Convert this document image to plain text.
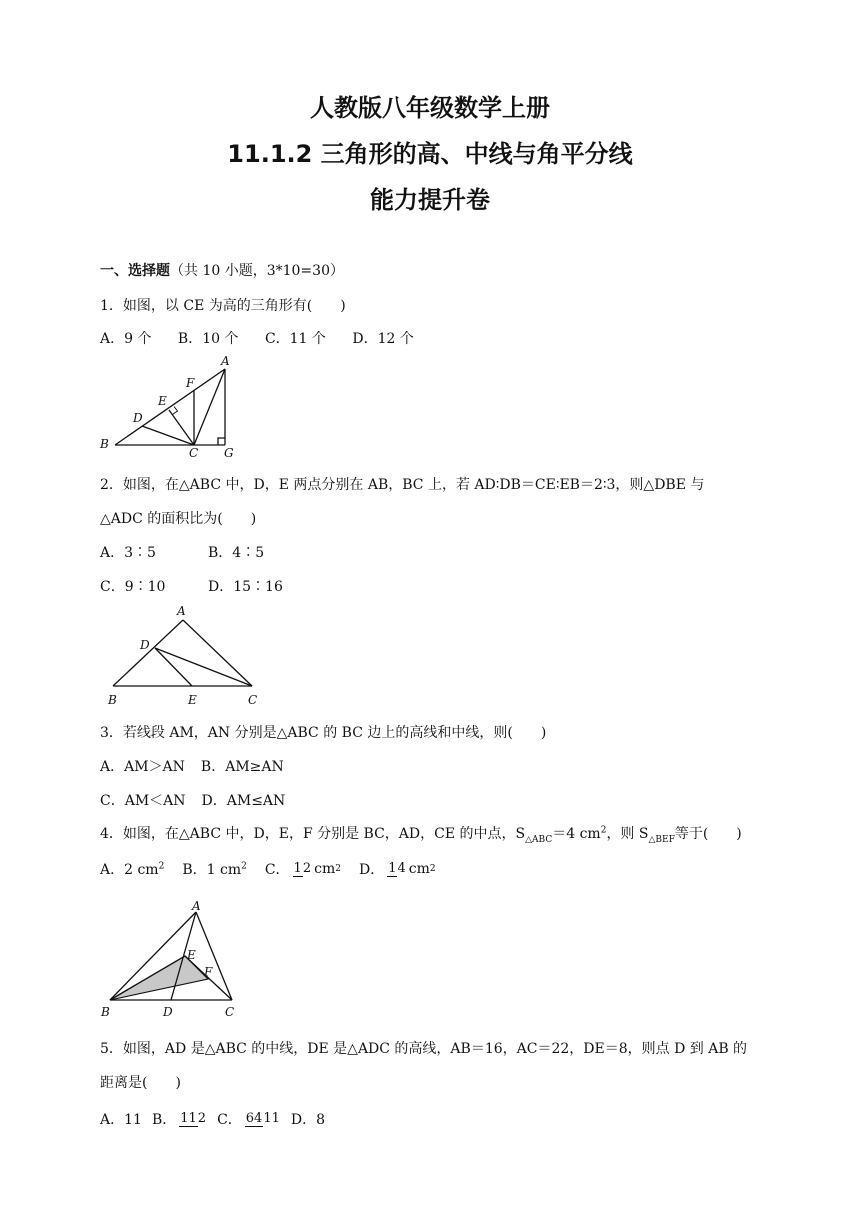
人教版八年级数学上册
11.1.2 三角形的高、中线与角平分线
能力提升卷
一、选择题（共 10 小题，3*10=30）
1．如图，以 CE 为高的三角形有(　　)
A．9 个 B．10 个 C．11 个 D．12 个
A
F
E
D
B
C G
2．如图，在△ABC 中，D，E 两点分别在 AB，BC 上，若 AD∶DB＝CE∶EB＝2∶3，则△DBE 与
△ADC 的面积比为(　　)
A．3∶5	B．4∶5
C．9∶10	D．15∶16
A
D
B	E	C
3．若线段 AM，AN 分别是△ABC 的 BC 边上的高线和中线，则(　　)
A．AM＞AN B．AM≥AN
C．AM＜AN D．AM≤AN
4．如图，在△ABC 中，D，E，F 分别是 BC，AD，CE 的中点，$S_{\triangle ABC}=4$ $cm^2$，则 $S_{\triangle BEF}$等于(　　)
A．2 $cm^2$ B．1 $cm^2$ C． 12 cm 2 D． 14 cm 2
A
E
F
B	D	C
5．如图，AD 是△ABC 的中线，DE 是△ADC 的高线，AB＝16，AC＝22，DE＝8，则点 D 到 AB 的
距离是(　　)
A．11 B． 112 C． 6411 D．8
